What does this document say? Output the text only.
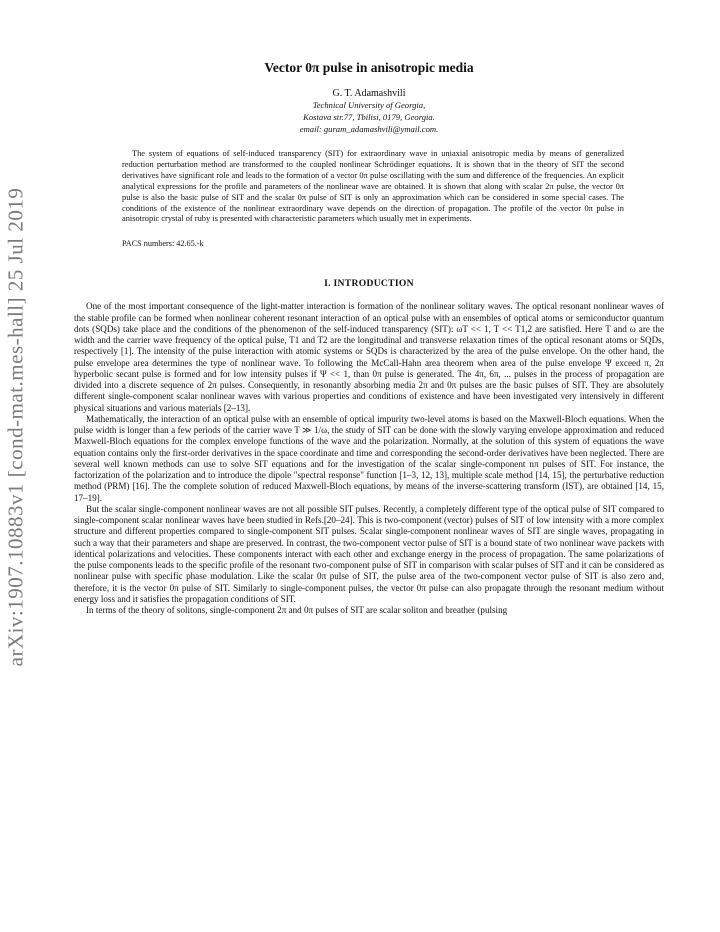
arXiv:1907.10883v1 [cond-mat.mes-hall] 25 Jul 2019
Vector 0π pulse in anisotropic media
G. T. Adamashvili
Technical University of Georgia,
Kostava str.77, Tbilisi, 0179, Georgia.
email: guram_adamashvili@ymail.com.

The system of equations of self-induced transparency (SIT) for extraordinary wave in uniaxial anisotropic media by means of generalized reduction perturbation method are transformed to the coupled nonlinear Schrödinger equations. It is shown that in the theory of SIT the second derivatives have significant role and leads to the formation of a vector 0π pulse oscillating with the sum and difference of the frequencies. An explicit analytical expressions for the profile and parameters of the nonlinear wave are obtained. It is shown that along with scalar 2π pulse, the vector 0π pulse is also the basic pulse of SIT and the scalar 0π pulse of SIT is only an approximation which can be considered in some special cases. The conditions of the existence of the nonlinear extraordinary wave depends on the direction of propagation. The profile of the vector 0π pulse in anisotropic crystal of ruby is presented with characteristic parameters which usually met in experiments.

PACS numbers: 42.65.-k
I. INTRODUCTION

One of the most important consequence of the light-matter interaction is formation of the nonlinear solitary waves. The optical resonant nonlinear waves of the stable profile can be formed when nonlinear coherent resonant interaction of an optical pulse with an ensembles of optical atoms or semiconductor quantum dots (SQDs) take place and the conditions of the phenomenon of the self-induced transparency (SIT): ωT << 1, T << T1,2 are satisfied. Here T and ω are the width and the carrier wave frequency of the optical pulse, T1 and T2 are the longitudinal and transverse relaxation times of the optical resonant atoms or SQDs, respectively [1]. The intensity of the pulse interaction with atomic systems or SQDs is characterized by the area of the pulse envelope. On the other hand, the pulse envelope area determines the type of nonlinear wave. To following the McCall-Hahn area theorem when area of the pulse envelope Ψ exceed π, 2π hyperbolic secant pulse is formed and for low intensity pulses if Ψ << 1, than 0π pulse is generated. The 4π, 6π, ... pulses in the process of propagation are divided into a discrete sequence of 2π pulses. Consequently, in resonantly absorbing media 2π and 0π pulses are the basic pulses of SIT. They are absolutely different single-component scalar nonlinear waves with various properties and conditions of existence and have been investigated very intensively in different physical situations and various materials [2–13].

Mathematically, the interaction of an optical pulse with an ensemble of optical impurity two-level atoms is based on the Maxwell-Bloch equations. When the pulse width is longer than a few periods of the carrier wave T ≫ 1/ω, the study of SIT can be done with the slowly varying envelope approximation and reduced Maxwell-Bloch equations for the complex envelope functions of the wave and the polarization. Normally, at the solution of this system of equations the wave equation contains only the first-order derivatives in the space coordinate and time and corresponding the second-order derivatives have been neglected. There are several well known methods can use to solve SIT equations and for the investigation of the scalar single-component nπ pulses of SIT. For instance, the factorization of the polarization and to introduce the dipole "spectral response" function [1–3, 12, 13], multiple scale method [14, 15], the perturbative reduction method (PRM) [16]. The the complete solution of reduced Maxwell-Bloch equations, by means of the inverse-scattering transform (IST), are obtained [14, 15, 17–19].

But the scalar single-component nonlinear waves are not all possible SIT pulses. Recently, a completely different type of the optical pulse of SIT compared to single-component scalar nonlinear waves have been studied in Refs.[20–24]. This is two-component (vector) pulses of SIT of low intensity with a more complex structure and different properties compared to single-component SIT pulses. Scalar single-component nonlinear waves of SIT are single waves, propagating in such a way that their parameters and shape are preserved. In contrast, the two-component vector pulse of SIT is a bound state of two nonlinear wave packets with identical polarizations and velocities. These components interact with each other and exchange energy in the process of propagation. The same polarizations of the pulse components leads to the specific profile of the resonant two-component pulse of SIT in comparison with scalar pulses of SIT and it can be considered as nonlinear pulse with specific phase modulation. Like the scalar 0π pulse of SIT, the pulse area of the two-component vector pulse of SIT is also zero and, therefore, it is the vector 0π pulse of SIT. Similarly to single-component pulses, the vector 0π pulse can also propagate through the resonant medium without energy loss and it satisfies the propagation conditions of SIT.

In terms of the theory of solitons, single-component 2π and 0π pulses of SIT are scalar soliton and breather (pulsing
